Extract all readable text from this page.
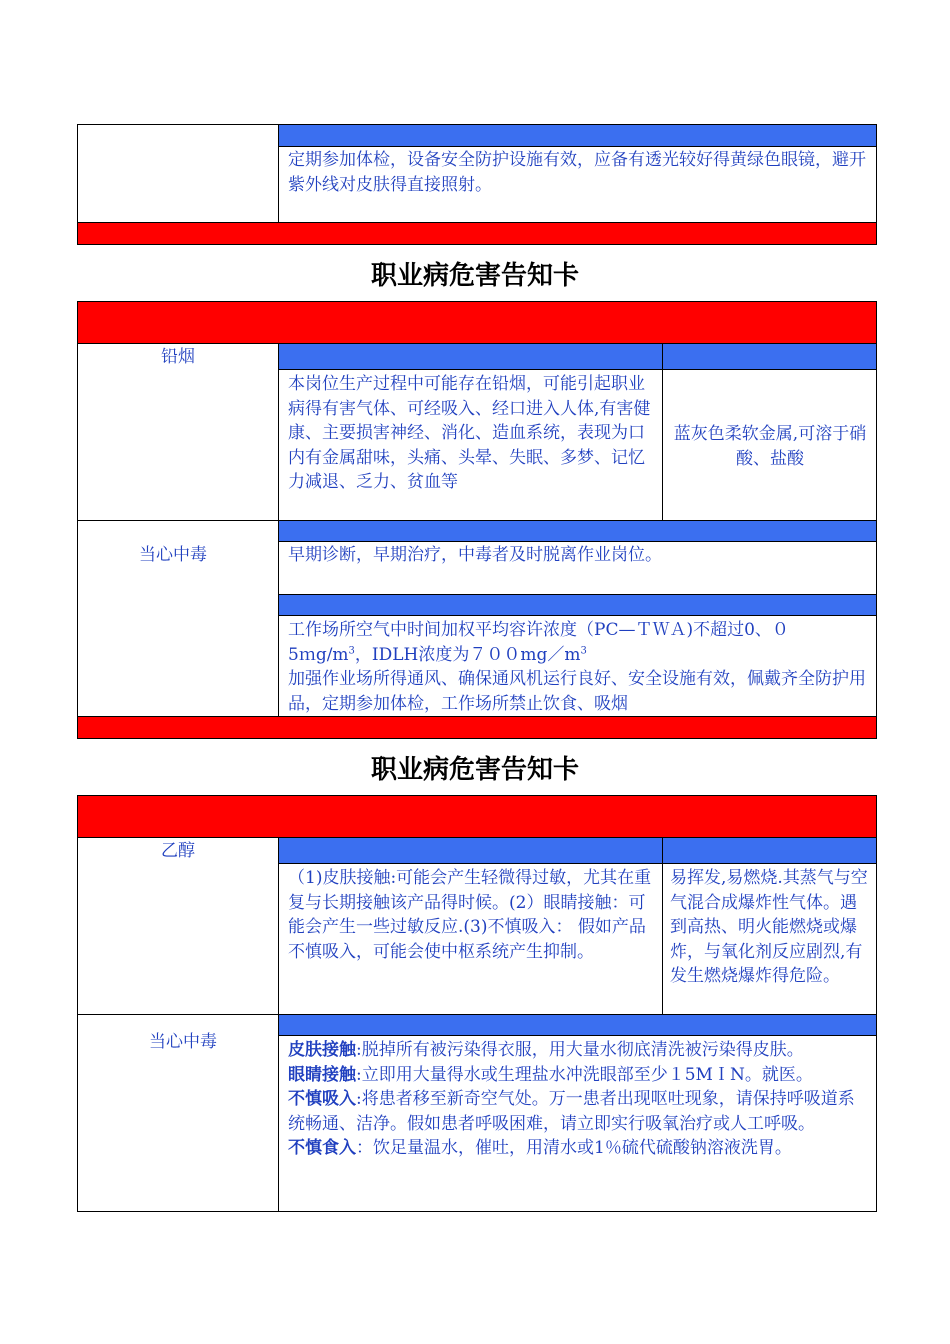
定期参加体检，设备安全防护设施有效，应备有透光较好得黄绿色眼镜，避开紫外线对皮肤得直接照射。
职业病危害告知卡
铅烟
本岗位生产过程中可能存在铅烟，可能引起职业病得有害气体、可经吸入、经口进入人体,有害健康、主要损害神经、消化、造血系统，表现为口内有金属甜味，头痛、头晕、失眠、多梦、记忆力减退、乏力、贫血等
蓝灰色柔软金属,可溶于硝酸、盐酸
当心中毒	早期诊断，早期治疗，中毒者及时脱离作业岗位。
工作场所空气中时间加权平均容许浓度（PC—ＴＷＡ)不超过0、０
$5mg/m^3$，IDLH浓度为$700mg/m^3$
加强作业场所得通风、确保通风机运行良好、安全设施有效，佩戴齐全防护用品，定期参加体检，工作场所禁止饮食、吸烟
职业病危害告知卡
乙醇
（1)皮肤接触:可能会产生轻微得过敏，尤其在重复与长期接触该产品得时候。(2）眼睛接触：可能会产生一些过敏反应.(3)不慎吸入： 假如产品不慎吸入，可能会使中枢系统产生抑制。
易挥发,易燃烧.其蒸气与空气混合成爆炸性气体。遇到高热、明火能燃烧或爆炸，与氧化剂反应剧烈,有发生燃烧爆炸得危险。
当心中毒	皮肤接触:脱掉所有被污染得衣服，用大量水彻底清洗被污染得皮肤。
眼睛接触:立即用大量得水或生理盐水冲洗眼部至少１5MＩN。就医。
不慎吸入:将患者移至新奇空气处。万一患者出现呕吐现象，请保持呼吸道系统畅通、洁净。假如患者呼吸困难，请立即实行吸氧治疗或人工呼吸。
不慎食入：饮足量温水，催吐，用清水或1％硫代硫酸钠溶液洗胃。
